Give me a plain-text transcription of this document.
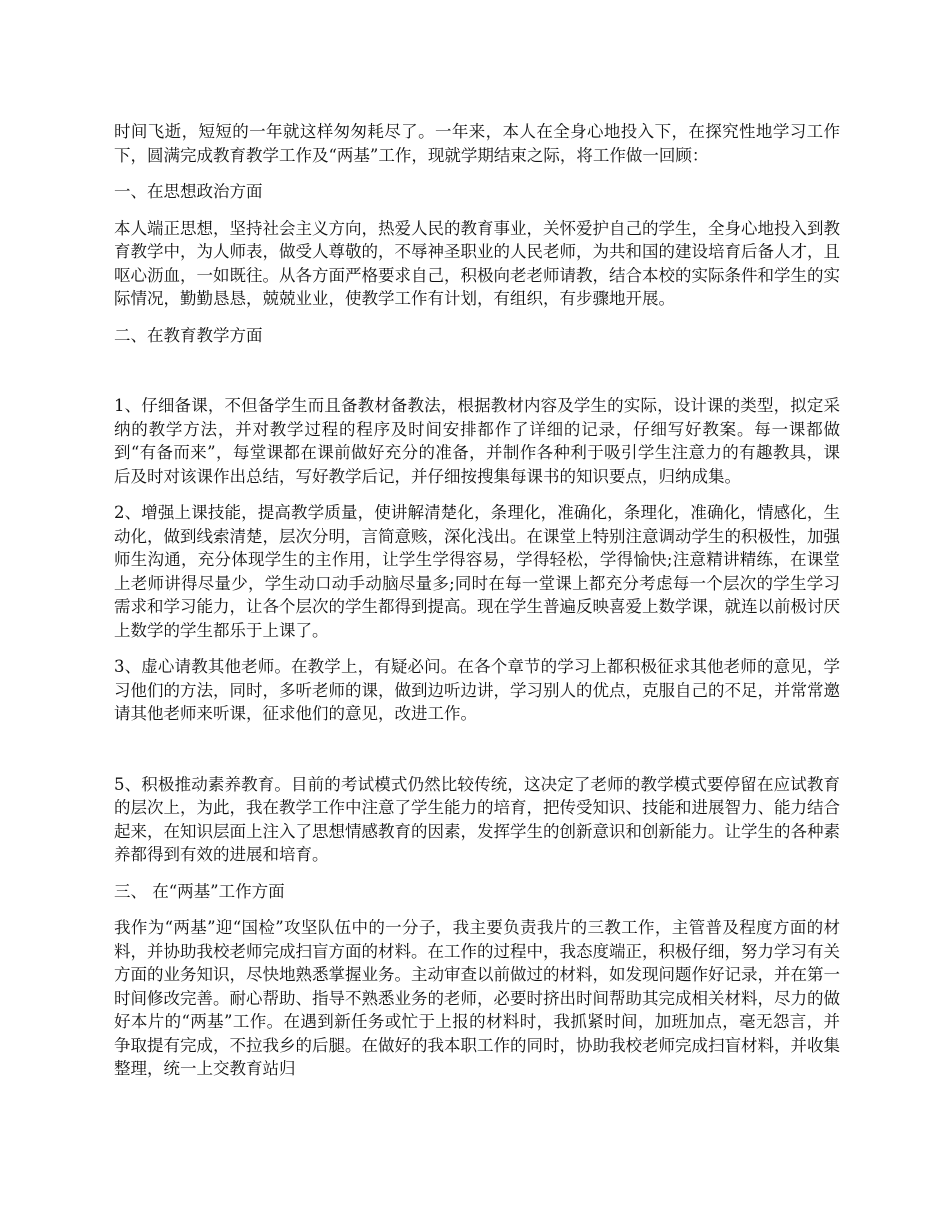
时间飞逝，短短的一年就这样匆匆耗尽了。一年来，本人在全身心地投入下，在探究性地学习工作下，圆满完成教育教学工作及“两基”工作，现就学期结束之际，将工作做一回顾：

一、在思想政治方面

本人端正思想，坚持社会主义方向，热爱人民的教育事业，关怀爱护自己的学生，全身心地投入到教育教学中，为人师表，做受人尊敬的，不辱神圣职业的人民老师，为共和国的建设培育后备人才，且呕心沥血，一如既往。从各方面严格要求自己，积极向老老师请教，结合本校的实际条件和学生的实际情况，勤勤恳恳，兢兢业业，使教学工作有计划，有组织，有步骤地开展。

二、在教育教学方面

1、仔细备课，不但备学生而且备教材备教法，根据教材内容及学生的实际，设计课的类型，拟定采纳的教学方法，并对教学过程的程序及时间安排都作了详细的记录，仔细写好教案。每一课都做到“有备而来”，每堂课都在课前做好充分的准备，并制作各种利于吸引学生注意力的有趣教具，课后及时对该课作出总结，写好教学后记，并仔细按搜集每课书的知识要点，归纳成集。

2、增强上课技能，提高教学质量，使讲解清楚化，条理化，准确化，条理化，准确化，情感化，生动化，做到线索清楚，层次分明，言简意赅，深化浅出。在课堂上特别注意调动学生的积极性，加强师生沟通，充分体现学生的主作用，让学生学得容易，学得轻松，学得愉快;注意精讲精练，在课堂上老师讲得尽量少，学生动口动手动脑尽量多;同时在每一堂课上都充分考虑每一个层次的学生学习需求和学习能力，让各个层次的学生都得到提高。现在学生普遍反映喜爱上数学课，就连以前极讨厌上数学的学生都乐于上课了。

3、虚心请教其他老师。在教学上，有疑必问。在各个章节的学习上都积极征求其他老师的意见，学习他们的方法，同时，多听老师的课，做到边听边讲，学习别人的优点，克服自己的不足，并常常邀请其他老师来听课，征求他们的意见，改进工作。

5、积极推动素养教育。目前的考试模式仍然比较传统，这决定了老师的教学模式要停留在应试教育的层次上，为此，我在教学工作中注意了学生能力的培育，把传受知识、技能和进展智力、能力结合起来，在知识层面上注入了思想情感教育的因素，发挥学生的创新意识和创新能力。让学生的各种素养都得到有效的进展和培育。

三、 在“两基”工作方面

我作为“两基”迎“国检”攻坚队伍中的一分子，我主要负责我片的三教工作，主管普及程度方面的材料，并协助我校老师完成扫盲方面的材料。在工作的过程中，我态度端正，积极仔细，努力学习有关方面的业务知识，尽快地熟悉掌握业务。主动审查以前做过的材料，如发现问题作好记录，并在第一时间修改完善。耐心帮助、指导不熟悉业务的老师，必要时挤出时间帮助其完成相关材料，尽力的做好本片的“两基”工作。在遇到新任务或忙于上报的材料时，我抓紧时间，加班加点，毫无怨言，并争取提有完成，不拉我乡的后腿。在做好的我本职工作的同时，协助我校老师完成扫盲材料，并收集整理，统一上交教育站归
